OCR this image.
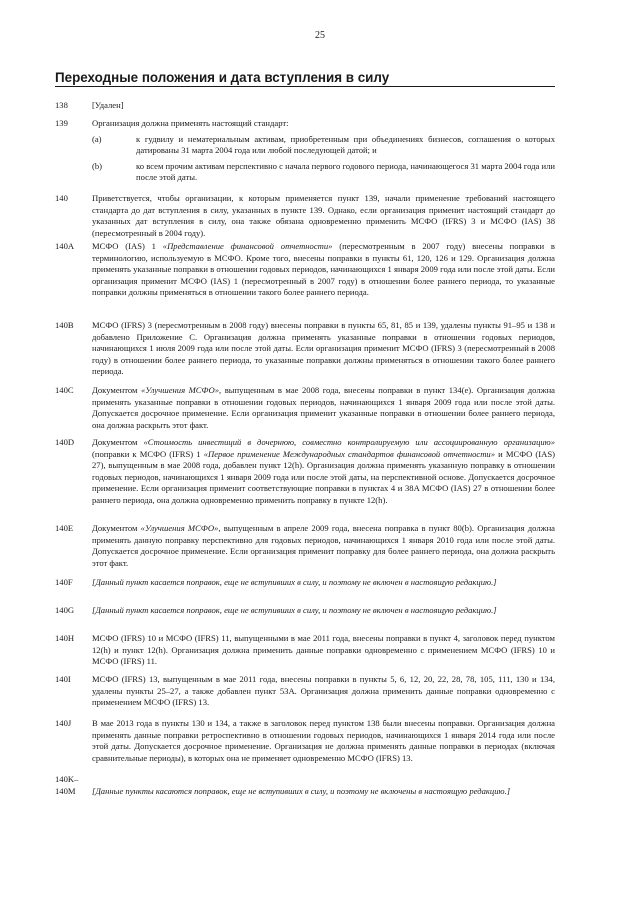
25
Переходные положения и дата вступления в силу
138	[Удален]
139	Организация должна применять настоящий стандарт:
(a)	к гудвилу и нематериальным активам, приобретенным при объединениях бизнесов, соглашения о которых датированы 31 марта 2004 года или любой последующей датой; и
(b)	ко всем прочим активам перспективно с начала первого годового периода, начинающегося 31 марта 2004 года или после этой даты.
140	Приветствуется, чтобы организации, к которым применяется пункт 139, начали применение требований настоящего стандарта до дат вступления в силу, указанных в пункте 139. Однако, если организация применит настоящий стандарт до указанных дат вступления в силу, она также обязана одновременно применить МСФО (IFRS) 3 и МСФО (IAS) 38 (пересмотренный в 2004 году).
140A МСФО (IAS) 1 «Представление финансовой отчетности» (пересмотренным в 2007 году) внесены поправки в терминологию, используемую в МСФО. Кроме того, внесены поправки в пункты 61, 120, 126 и 129. Организация должна применять указанные поправки в отношении годовых периодов, начинающихся 1 января 2009 года или после этой даты. Если организация применит МСФО (IAS) 1 (пересмотренный в 2007 году) в отношении более раннего периода, то указанные поправки должны применяться в отношении такого более раннего периода.
140B МСФО (IFRS) 3 (пересмотренным в 2008 году) внесены поправки в пункты 65, 81, 85 и 139, удалены пункты 91–95 и 138 и добавлено Приложение C. Организация должна применять указанные поправки в отношении годовых периодов, начинающихся 1 июля 2009 года или после этой даты. Если организация применит МСФО (IFRS) 3 (пересмотренный в 2008 году) в отношении более раннего периода, то указанные поправки должны применяться в отношении такого более раннего периода.
140C Документом «Улучшения МСФО», выпущенным в мае 2008 года, внесены поправки в пункт 134(e). Организация должна применять указанные поправки в отношении годовых периодов, начинающихся 1 января 2009 года или после этой даты. Допускается досрочное применение. Если организация применит указанные поправки в отношении более раннего периода, она должна раскрыть этот факт.
140D Документом «Стоимость инвестиций в дочернюю, совместно контролируемую или ассоциированную организацию» (поправки к МСФО (IFRS) 1 «Первое применение Международных стандартов финансовой отчетности» и МСФО (IAS) 27), выпущенным в мае 2008 года, добавлен пункт 12(h). Организация должна применять указанную поправку в отношении годовых периодов, начинающихся 1 января 2009 года или после этой даты, на перспективной основе. Допускается досрочное применение. Если организация применит соответствующие поправки в пунктах 4 и 38A МСФО (IAS) 27 в отношении более раннего периода, она должна одновременно применить поправку в пункте 12(h).
140E Документом «Улучшения МСФО», выпущенным в апреле 2009 года, внесена поправка в пункт 80(b). Организация должна применять данную поправку перспективно для годовых периодов, начинающихся 1 января 2010 года или после этой даты. Допускается досрочное применение. Если организация применит поправку для более раннего периода, она должна раскрыть этот факт.
140F [Данный пункт касается поправок, еще не вступивших в силу, и поэтому не включен в настоящую редакцию.]
140G [Данный пункт касается поправок, еще не вступивших в силу, и поэтому не включен в настоящую редакцию.]
140H МСФО (IFRS) 10 и МСФО (IFRS) 11, выпущенными в мае 2011 года, внесены поправки в пункт 4, заголовок перед пунктом 12(h) и пункт 12(h). Организация должна применить данные поправки одновременно с применением МСФО (IFRS) 10 и МСФО (IFRS) 11.
140I МСФО (IFRS) 13, выпущенным в мае 2011 года, внесены поправки в пункты 5, 6, 12, 20, 22, 28, 78, 105, 111, 130 и 134, удалены пункты 25–27, а также добавлен пункт 53A. Организация должна применить данные поправки одновременно с применением МСФО (IFRS) 13.
140J В мае 2013 года в пункты 130 и 134, а также в заголовок перед пунктом 138 были внесены поправки. Организация должна применять данные поправки ретроспективно в отношении годовых периодов, начинающихся 1 января 2014 года или после этой даты. Допускается досрочное применение. Организация не должна применять данные поправки в периодах (включая сравнительные периоды), в которых она не применяет одновременно МСФО (IFRS) 13.
140K–
140M	[Данные пункты касаются поправок, еще не вступивших в силу, и поэтому не включены в настоящую редакцию.]
